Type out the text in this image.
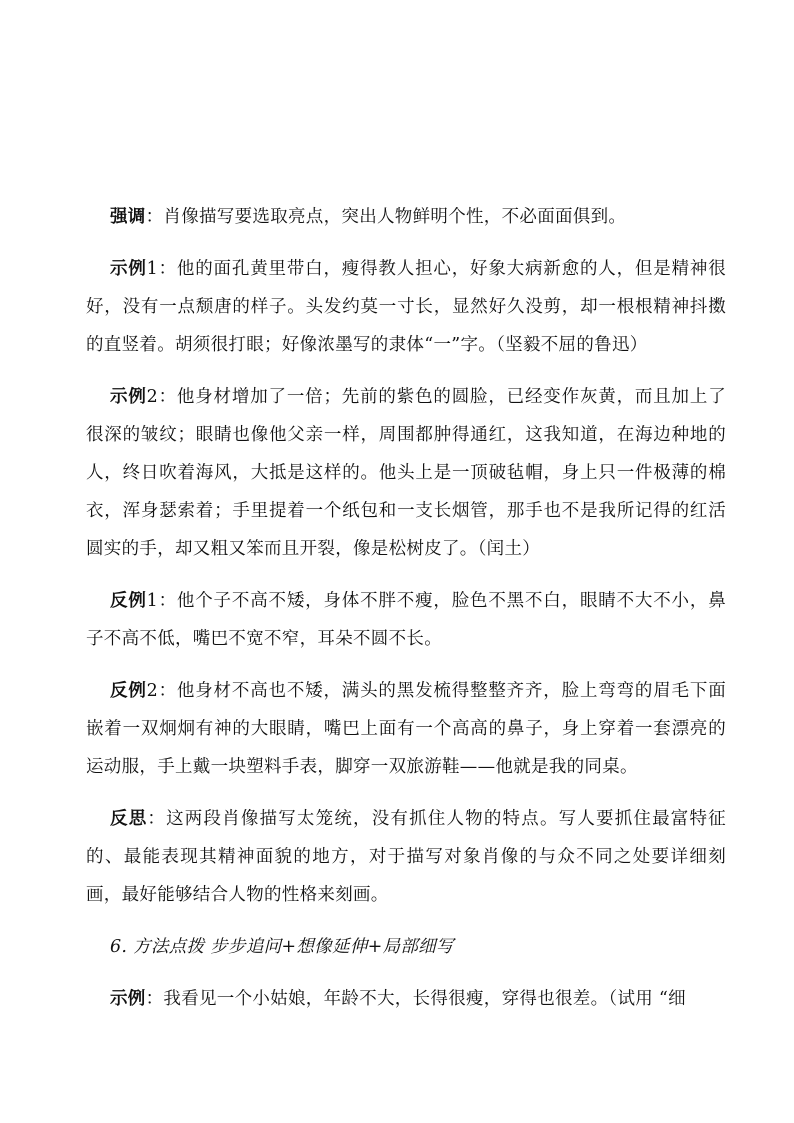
强调：肖像描写要选取亮点，突出人物鲜明个性，不必面面俱到。

示例1：他的面孔黄里带白，瘦得教人担心，好象大病新愈的人，但是精神很好，没有一点颓唐的样子。头发约莫一寸长，显然好久没剪，却一根根精神抖擞的直竖着。胡须很打眼；好像浓墨写的隶体“一”字。（坚毅不屈的鲁迅）

示例2：他身材增加了一倍；先前的紫色的圆脸，已经变作灰黄，而且加上了很深的皱纹；眼睛也像他父亲一样，周围都肿得通红，这我知道，在海边种地的人，终日吹着海风，大抵是这样的。他头上是一顶破毡帽，身上只一件极薄的棉衣，浑身瑟索着；手里提着一个纸包和一支长烟管，那手也不是我所记得的红活圆实的手，却又粗又笨而且开裂，像是松树皮了。（闰土）

反例1：他个子不高不矮，身体不胖不瘦，脸色不黑不白，眼睛不大不小，鼻子不高不低，嘴巴不宽不窄，耳朵不圆不长。

反例2：他身材不高也不矮，满头的黑发梳得整整齐齐，脸上弯弯的眉毛下面嵌着一双炯炯有神的大眼睛，嘴巴上面有一个高高的鼻子，身上穿着一套漂亮的运动服，手上戴一块塑料手表，脚穿一双旅游鞋——他就是我的同桌。

反思：这两段肖像描写太笼统，没有抓住人物的特点。写人要抓住最富特征的、最能表现其精神面貌的地方，对于描写对象肖像的与众不同之处要详细刻画，最好能够结合人物的性格来刻画。

6. 方法点拨 步步追问+想像延伸+局部细写

示例：我看见一个小姑娘，年龄不大，长得很瘦，穿得也很差。（试用 “细
